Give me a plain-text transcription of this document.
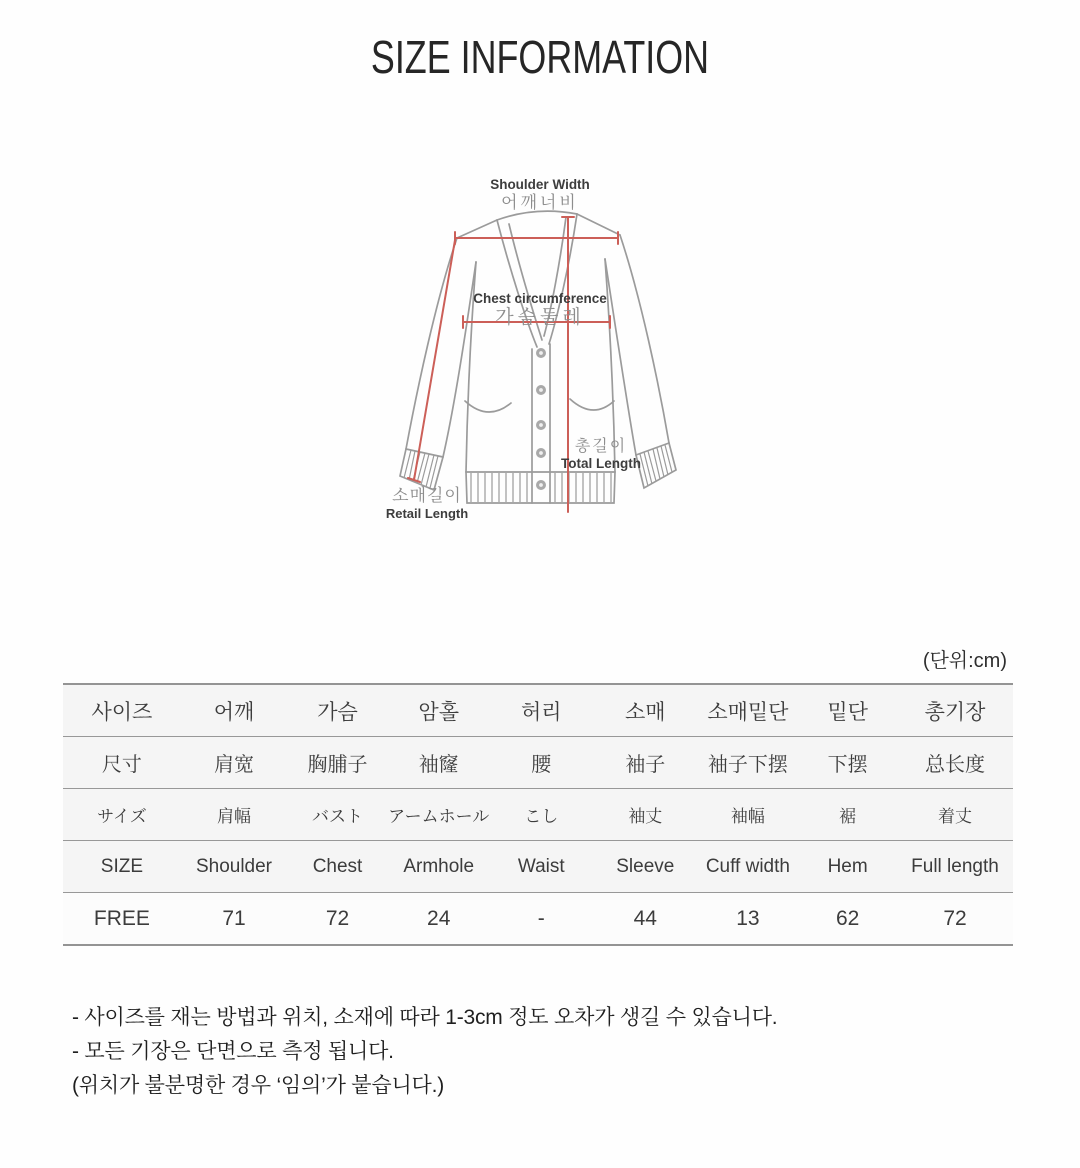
SIZE INFORMATION
Shoulder Width
어깨너비
Chest circumference
가슴둘레
총길이
Total Length
소매길이
Retail Length
(단위:cm)
사이즈	어깨	가슴	암홀	허리	소매	소매밑단	밑단	총기장
尺寸	肩宽	胸脯子	袖窿	腰	袖子	袖子下摆	下摆	总长度
サイズ	肩幅	バスト	アームホール	こし	袖丈	袖幅	裾	着丈
SIZE	Shoulder	Chest	Armhole	Waist	Sleeve	Cuff width	Hem	Full length
FREE	71	72	24	-	44	13	62	72
- 사이즈를 재는 방법과 위치, 소재에 따라 1-3cm 정도 오차가 생길 수 있습니다.
- 모든 기장은 단면으로 측정 됩니다.
(위치가 불분명한 경우 ‘임의’가 붙습니다.)
